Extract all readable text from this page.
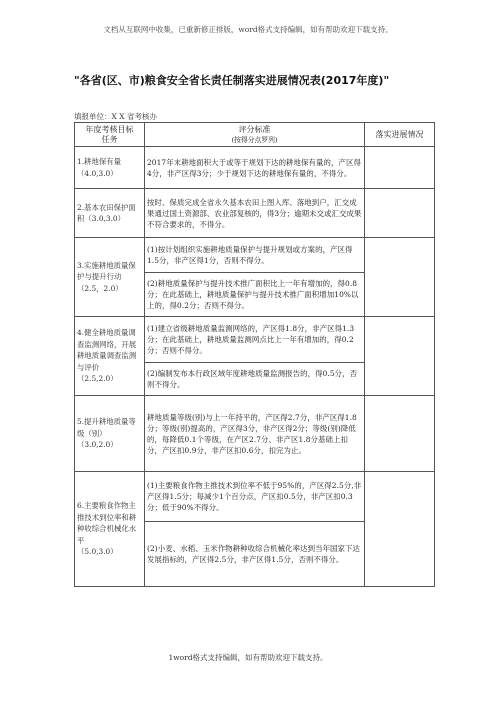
文档从互联网中收集，已重新修正排版，word格式支持编辑，如有帮助欢迎下载支持。
"各省(区、市)粮食安全省长责任制落实进展情况表(2017年度)"
填报单位：X X 省考核办
年度考核目标
任务	评分标准
(按得分点罗列)	落实进展情况
1.耕地保有量
（4.0,3.0）	2017年末耕地面积大于或等于规划下达的耕地保有量的，产区得4分，非产区得3分；少于规划下达的耕地保有量的，不得分。	
2.基本农田保护面积（3.0,3.0）	按时、保质完成全省永久基本农田上图入库、落地到户，汇交成果通过国土资源部、农业部复核的，得3分；逾期未交或汇交成果不符合要求的，不得分。	
3.实施耕地质量保护与提升行动
（2.5，2.0）	(1)按计划组织实施耕地质量保护与提升规划或方案的，产区得1.5分，非产区得1分，否则不得分。	
	(2)耕地质量保护与提升技术推广面积比上一年有增加的，得0.8分；在此基础上，耕地质量保护与提升技术推广面积增加10%以上的，得0.2分；否则不得分。	
4.健全耕地质量调查监测网络，开展耕地质量调查监测与评价
（2.5,2.0）	(1)建立省级耕地质量监测网络的，产区得1.8分，非产区得1.3分；在此基础上，耕地质量监测网点比上一年有增加的，得0.2分；否则不得分。	
	(2)编制发布本行政区域年度耕地质量监测报告的，得0.5分，否则不得分。	
5.提升耕地质量等级（别）
（3.0,2.0）	耕地质量等级(别)与上一年持平的，产区得2.7分，非产区得1.8分；等级(别)提高的，产区得3分，非产区得2分；等级(别)降低的，每降低0.1个等级，在产区2.7分、非产区1.8分基础上扣分，产区扣0.9分，非产区扣0.6分，扣完为止。	
6.主要粮食作物主推技术到位率和耕种收综合机械化水平
（5.0,3.0）	(1)主要粮食作物主推技术到位率不低于95%的，产区得2.5分,非产区得1.5分；每减少1个百分点，产区扣0.5分，非产区扣0.3分；低于90%不得分。	
	(2)小麦、水稻、玉米作物耕种收综合机械化率达到当年国家下达发展指标的，产区得2.5分，非产区得1.5分，否则不得分。	
1word格式支持编辑，如有帮助欢迎下载支持。
